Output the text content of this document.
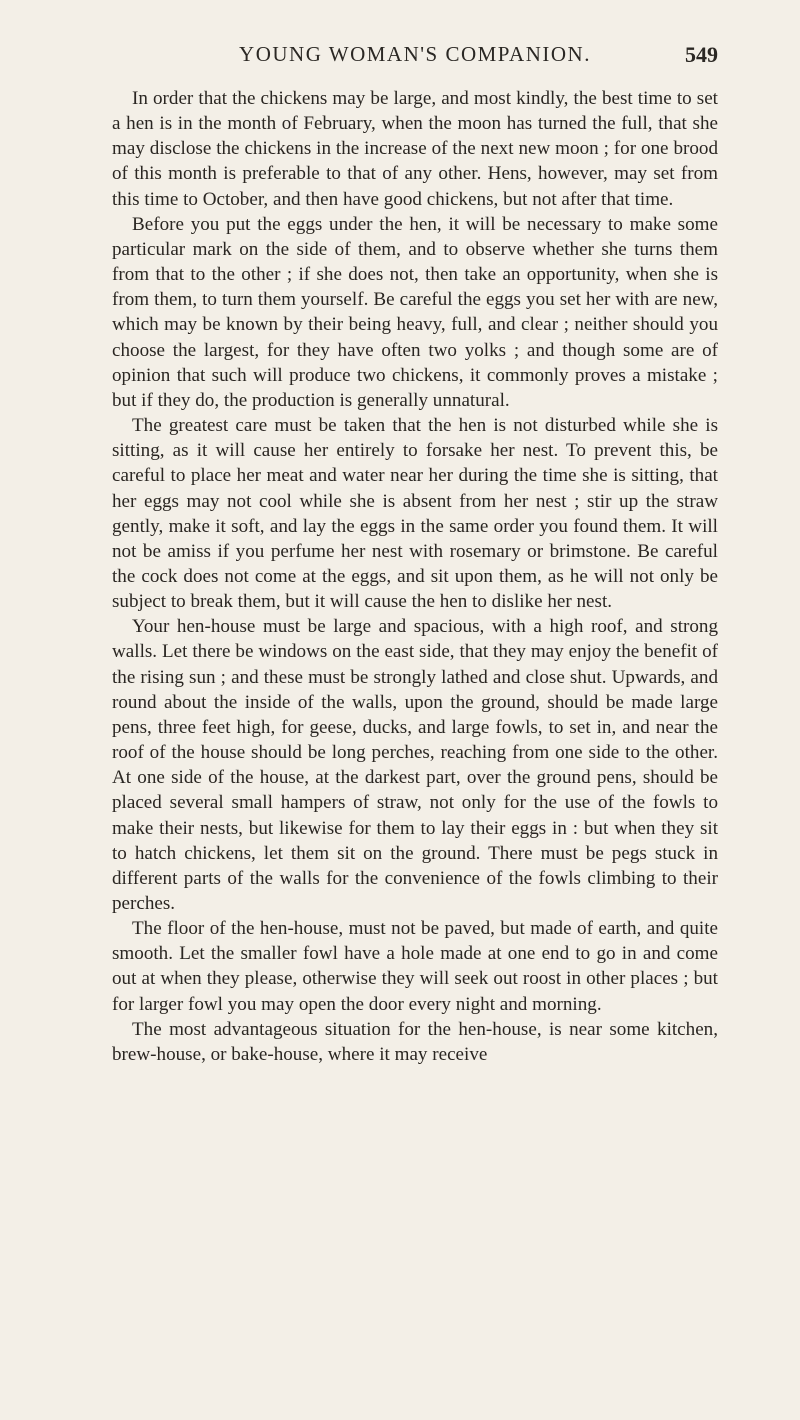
YOUNG WOMAN'S COMPANION.	549

In order that the chickens may be large, and most kindly, the best time to set a hen is in the month of February, when the moon has turned the full, that she may disclose the chickens in the increase of the next new moon ; for one brood of this month is preferable to that of any other. Hens, however, may set from this time to October, and then have good chickens, but not after that time.

Before you put the eggs under the hen, it will be necessary to make some particular mark on the side of them, and to observe whether she turns them from that to the other ; if she does not, then take an opportunity, when she is from them, to turn them yourself. Be careful the eggs you set her with are new, which may be known by their being heavy, full, and clear ; neither should you choose the largest, for they have often two yolks ; and though some are of opinion that such will produce two chickens, it commonly proves a mistake ; but if they do, the production is generally unnatural.

The greatest care must be taken that the hen is not disturbed while she is sitting, as it will cause her entirely to forsake her nest. To prevent this, be careful to place her meat and water near her during the time she is sitting, that her eggs may not cool while she is absent from her nest ; stir up the straw gently, make it soft, and lay the eggs in the same order you found them. It will not be amiss if you perfume her nest with rosemary or brimstone. Be careful the cock does not come at the eggs, and sit upon them, as he will not only be subject to break them, but it will cause the hen to dislike her nest.

Your hen-house must be large and spacious, with a high roof, and strong walls. Let there be windows on the east side, that they may enjoy the benefit of the rising sun ; and these must be strongly lathed and close shut. Upwards, and round about the inside of the walls, upon the ground, should be made large pens, three feet high, for geese, ducks, and large fowls, to set in, and near the roof of the house should be long perches, reaching from one side to the other. At one side of the house, at the darkest part, over the ground pens, should be placed several small hampers of straw, not only for the use of the fowls to make their nests, but likewise for them to lay their eggs in : but when they sit to hatch chickens, let them sit on the ground. There must be pegs stuck in different parts of the walls for the convenience of the fowls climbing to their perches.

The floor of the hen-house, must not be paved, but made of earth, and quite smooth. Let the smaller fowl have a hole made at one end to go in and come out at when they please, otherwise they will seek out roost in other places ; but for larger fowl you may open the door every night and morning.

The most advantageous situation for the hen-house, is near some kitchen, brew-house, or bake-house, where it may receive
